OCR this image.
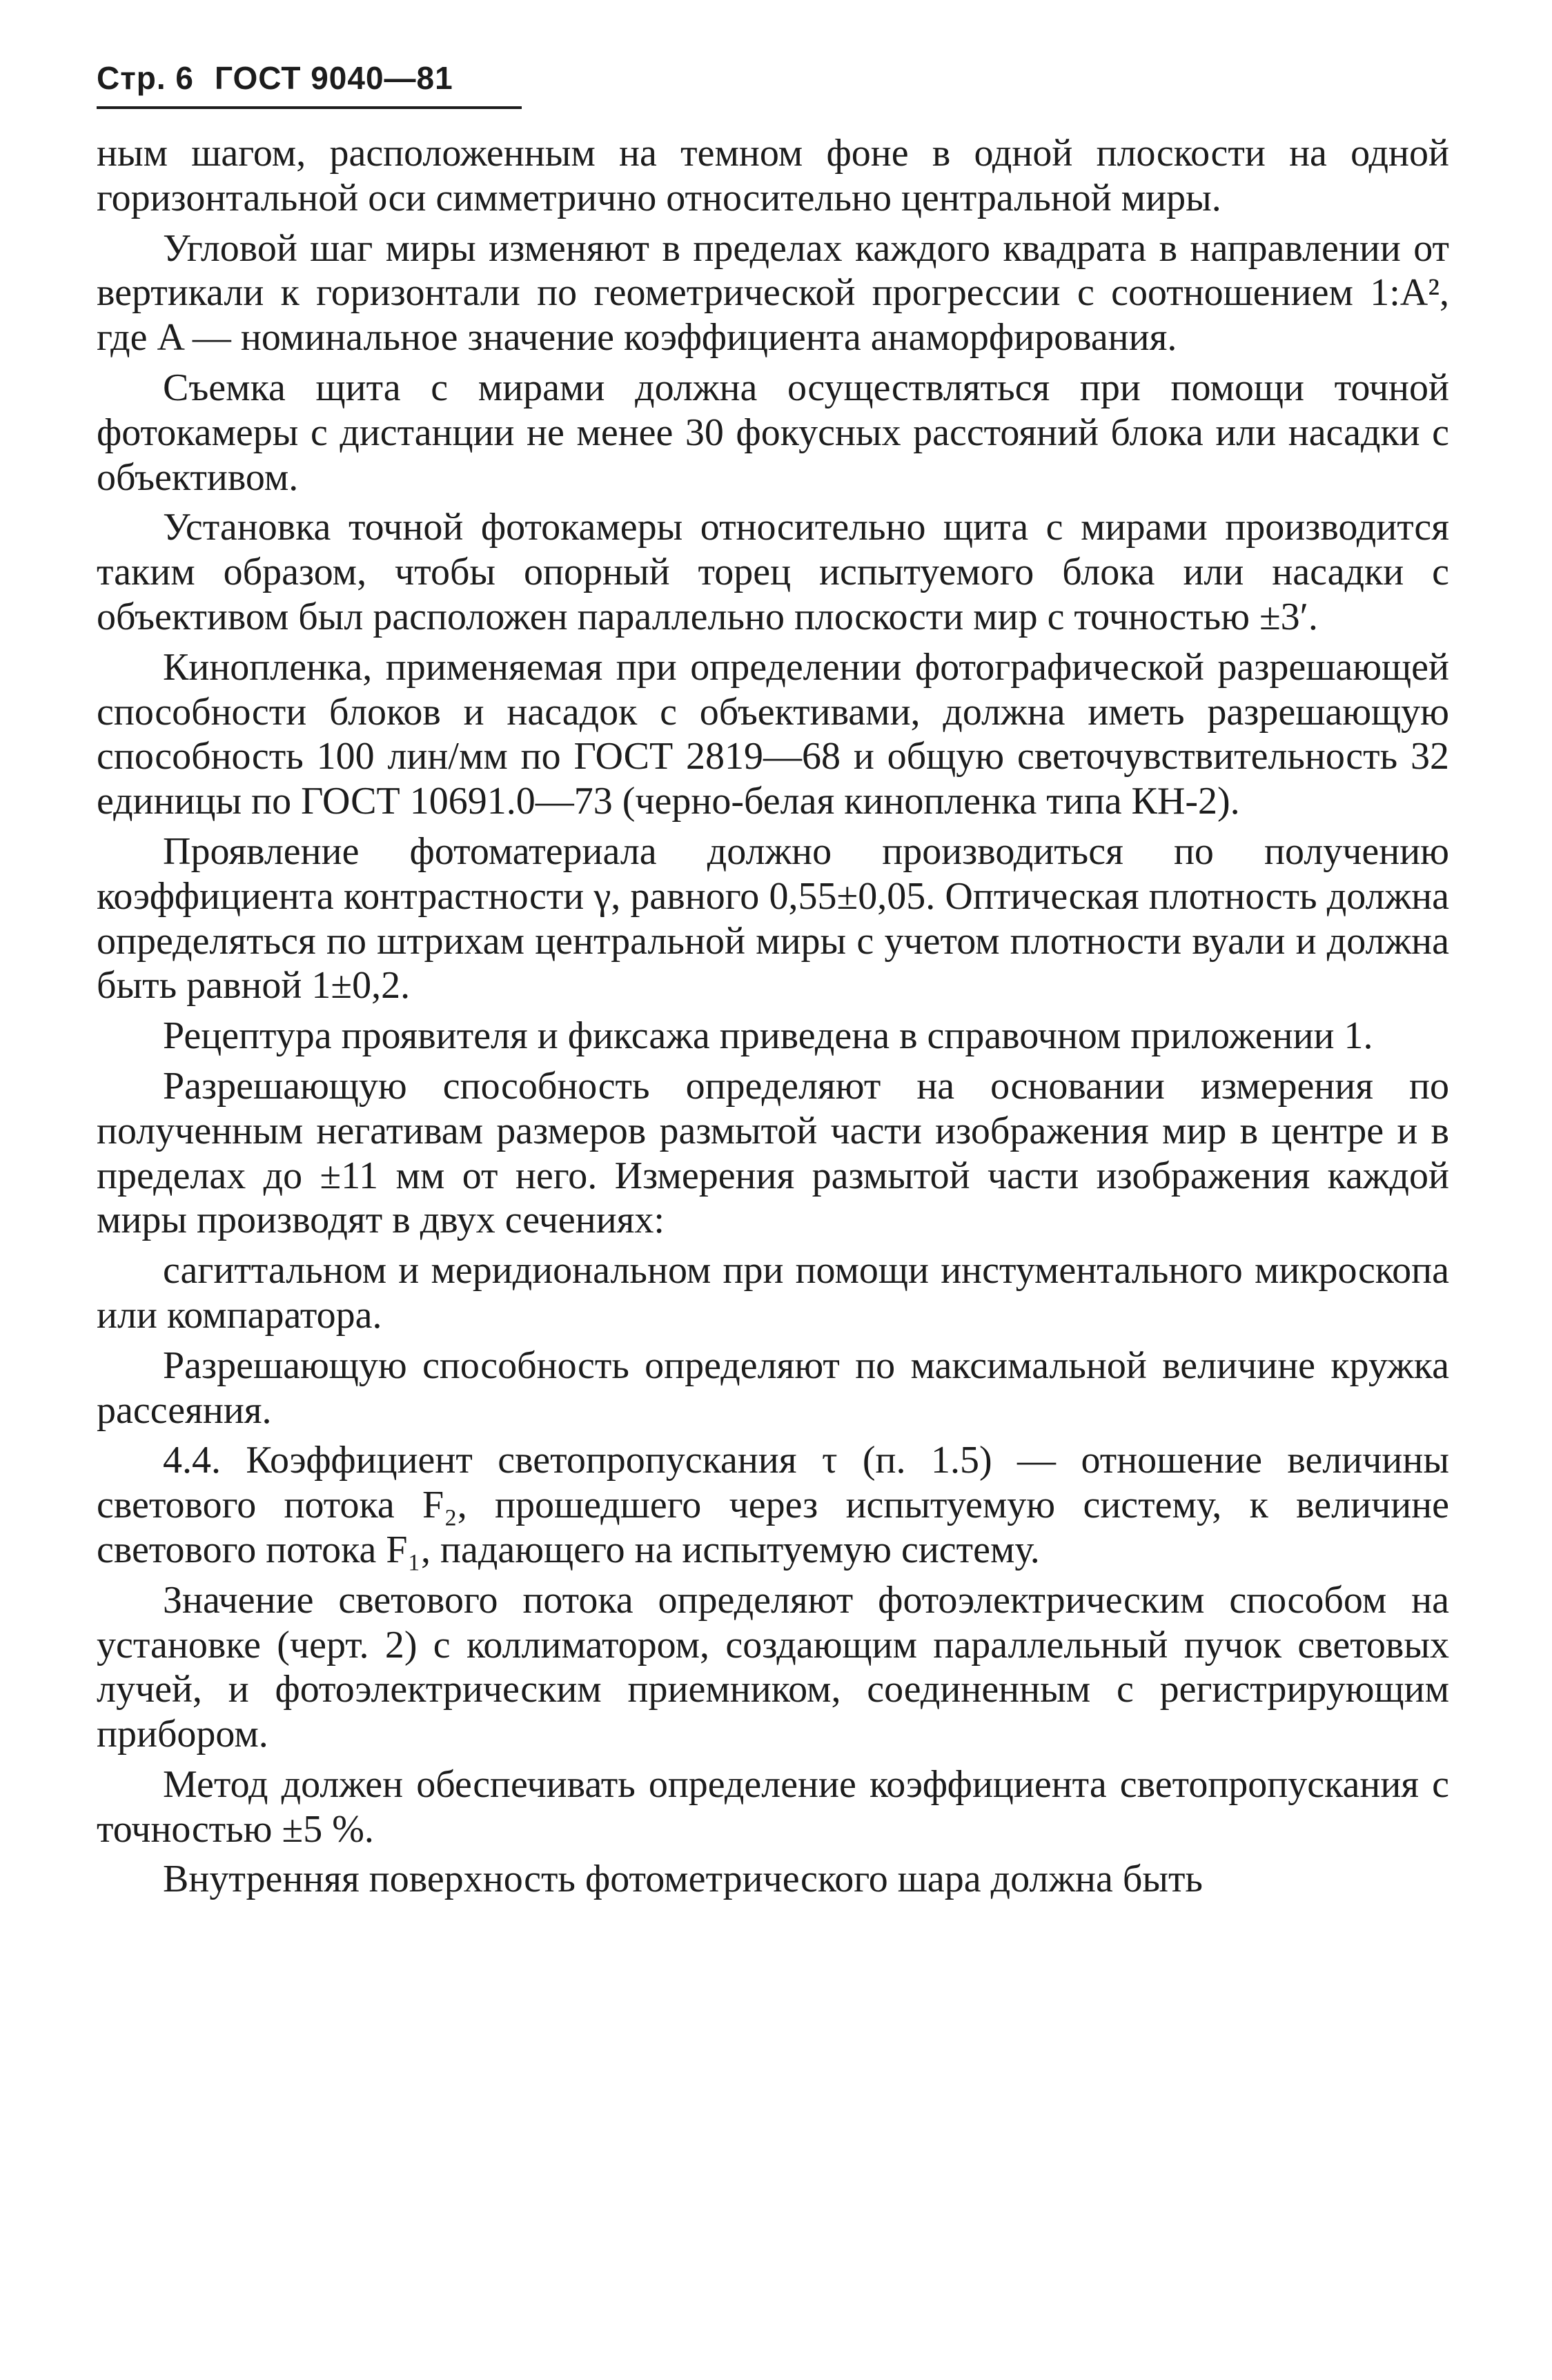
Стр. 6 ГОСТ 9040—81

ным шагом, расположенным на темном фоне в одной плоскости на одной горизонтальной оси симметрично относительно центральной миры.

Угловой шаг миры изменяют в пределах каждого квадрата в направлении от вертикали к горизонтали по геометрической прогрессии с соотношением 1:A², где A — номинальное значение коэффициента анаморфирования.

Съемка щита с мирами должна осуществляться при помощи точной фотокамеры с дистанции не менее 30 фокусных расстояний блока или насадки с объективом.

Установка точной фотокамеры относительно щита с мирами производится таким образом, чтобы опорный торец испытуемого блока или насадки с объективом был расположен параллельно плоскости мир с точностью ±3′.

Кинопленка, применяемая при определении фотографической разрешающей способности блоков и насадок с объективами, должна иметь разрешающую способность 100 лин/мм по ГОСТ 2819—68 и общую светочувствительность 32 единицы по ГОСТ 10691.0—73 (черно-белая кинопленка типа КН-2).

Проявление фотоматериала должно производиться по получению коэффициента контрастности γ, равного 0,55±0,05. Оптическая плотность должна определяться по штрихам центральной миры с учетом плотности вуали и должна быть равной 1±0,2.

Рецептура проявителя и фиксажа приведена в справочном приложении 1.

Разрешающую способность определяют на основании измерения по полученным негативам размеров размытой части изображения мир в центре и в пределах до ±11 мм от него. Измерения размытой части изображения каждой миры производят в двух сечениях:

сагиттальном и меридиональном при помощи инстументального микроскопа или компаратора.

Разрешающую способность определяют по максимальной величине кружка рассеяния.

4.4. Коэффициент светопропускания τ (п. 1.5) — отношение величины светового потока F₂, прошедшего через испытуемую систему, к величине светового потока F₁, падающего на испытуемую систему.

Значение светового потока определяют фотоэлектрическим способом на установке (черт. 2) с коллиматором, создающим параллельный пучок световых лучей, и фотоэлектрическим приемником, соединенным с регистрирующим прибором.

Метод должен обеспечивать определение коэффициента светопропускания с точностью ±5 %.

Внутренняя поверхность фотометрического шара должна быть
